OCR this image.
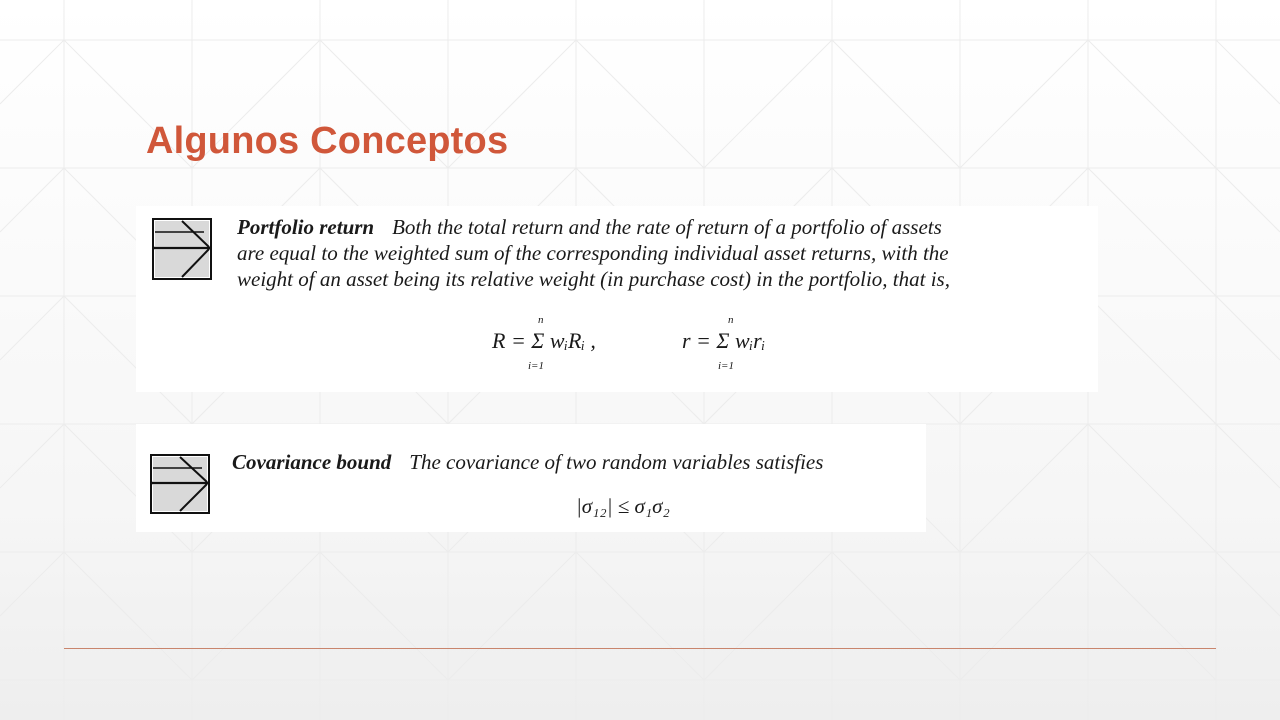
Algunos Conceptos
Portfolio return Both the total return and the rate of return of a portfolio of assets
are equal to the weighted sum of the corresponding individual asset returns, with the
weight of an asset being its relative weight (in purchase cost) in the portfolio, that is,
n
R = Σ wᵢRᵢ ,
i=1
n
r = Σ wᵢrᵢ
i=1
Covariance bound The covariance of two random variables satisfies
|σ₁₂| ≤ σ₁σ₂
